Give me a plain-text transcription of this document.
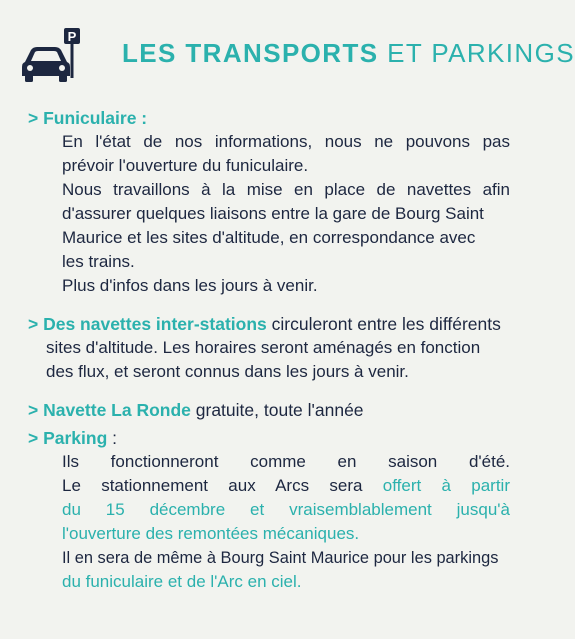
P
LES TRANSPORTS ET PARKINGS
> Funiculaire :
En l'état de nos informations, nous ne pouvons pas
prévoir l'ouverture du funiculaire.
Nous travaillons à la mise en place de navettes afin
d'assurer quelques liaisons entre la gare de Bourg Saint
Maurice et les sites d'altitude, en correspondance avec
les trains.
Plus d'infos dans les jours à venir.
> Des navettes inter-stations circuleront entre les différents
sites d'altitude. Les horaires seront aménagés en fonction
des flux, et seront connus dans les jours à venir.
> Navette La Ronde gratuite, toute l'année
> Parking :
Ils fonctionneront comme en saison d'été.
Le stationnement aux Arcs sera offert à partir
du 15 décembre et vraisemblablement jusqu'à
l'ouverture des remontées mécaniques.
Il en sera de même à Bourg Saint Maurice pour les parkings
du funiculaire et de l'Arc en ciel.
